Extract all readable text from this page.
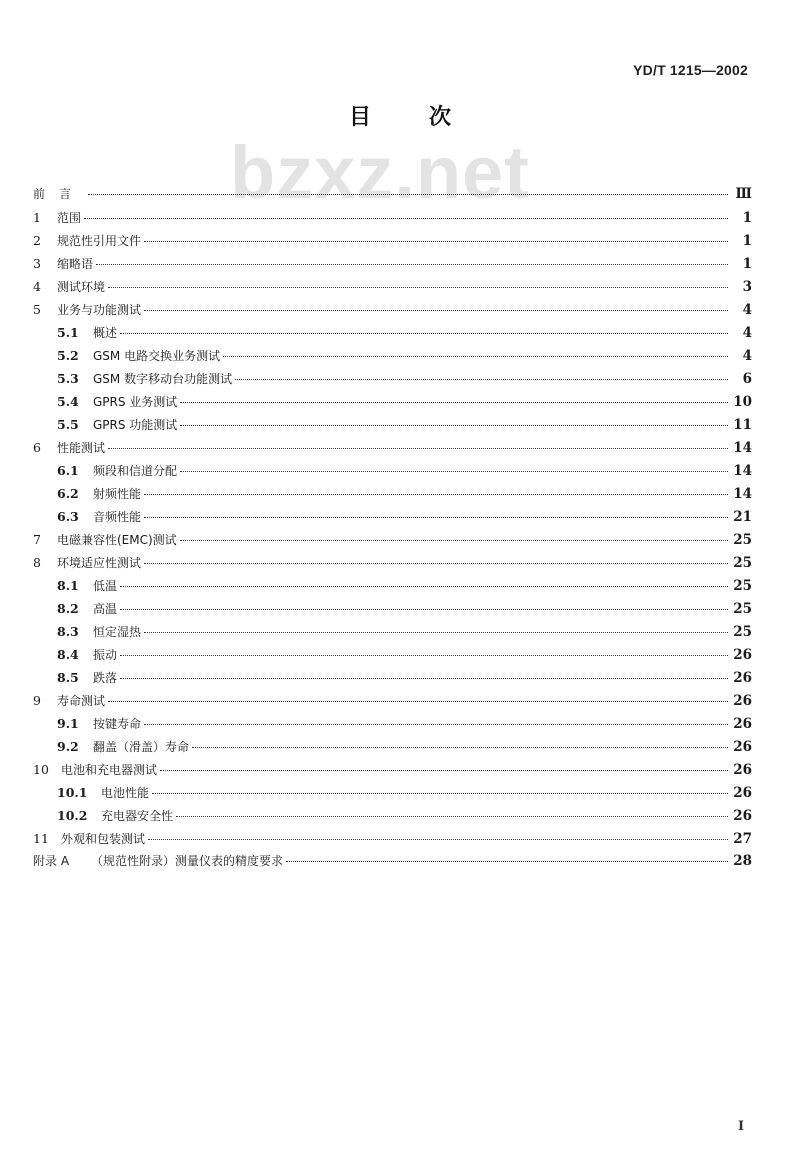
YD/T 1215—2002
目	次
bzxz.net
前言	Ⅲ
1	范围	1
2	规范性引用文件	1
3	缩略语	1
4	测试环境	3
5	业务与功能测试	4
5.1	概述	4
5.2	GSM 电路交换业务测试	4
5.3	GSM 数字移动台功能测试	6
5.4	GPRS 业务测试	10
5.5	GPRS 功能测试	11
6	性能测试	14
6.1	频段和信道分配	14
6.2	射频性能	14
6.3	音频性能	21
7	电磁兼容性(EMC)测试	25
8	环境适应性测试	25
8.1	低温	25
8.2	高温	25
8.3	恒定湿热	25
8.4	振动	26
8.5	跌落	26
9	寿命测试	26
9.1	按键寿命	26
9.2	翻盖（滑盖）寿命	26
10	电池和充电器测试	26
10.1	电池性能	26
10.2	充电器安全性	26
11	外观和包装测试	27
附录 A	（规范性附录）测量仪表的精度要求	28
I
